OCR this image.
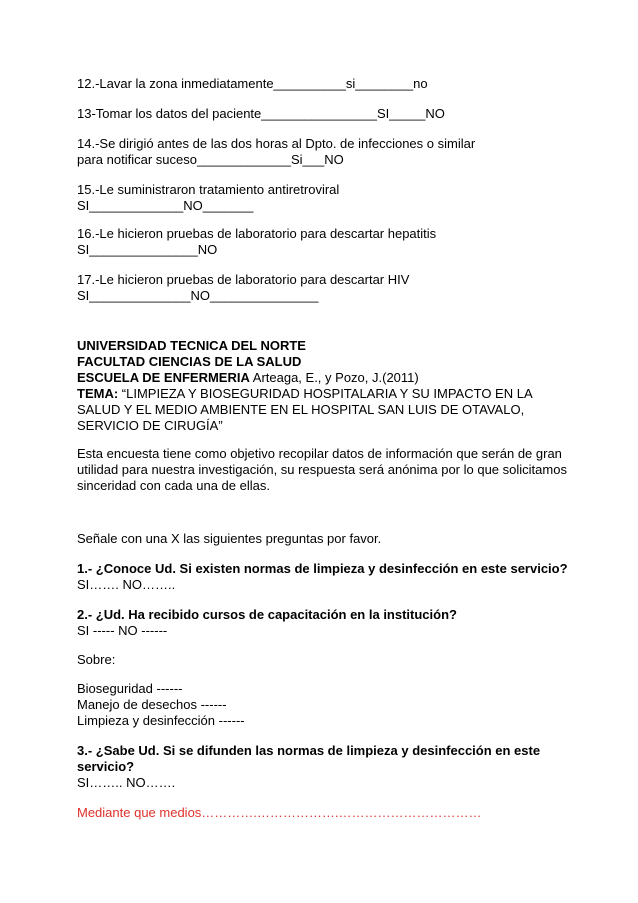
12.-Lavar la zona inmediatamente__________si________no
13-Tomar los datos del paciente________________SI_____NO
14.-Se dirigió antes de las dos horas al Dpto. de infecciones o similar
para notificar suceso_____________Si___NO
15.-Le suministraron tratamiento antiretroviral
SI_____________NO_______
16.-Le hicieron pruebas de laboratorio para descartar hepatitis
SI_______________NO
17.-Le hicieron pruebas de laboratorio para descartar HIV
SI______________NO_______________
UNIVERSIDAD TECNICA DEL NORTE
FACULTAD CIENCIAS DE LA SALUD
ESCUELA DE ENFERMERIA Arteaga, E., y Pozo, J.(2011)
TEMA: “LIMPIEZA Y BIOSEGURIDAD HOSPITALARIA Y SU IMPACTO EN LA
SALUD Y EL MEDIO AMBIENTE EN EL HOSPITAL SAN LUIS DE OTAVALO,
SERVICIO DE CIRUGÍA”
Esta encuesta tiene como objetivo recopilar datos de información que serán de gran
utilidad para nuestra investigación, su respuesta será anónima por lo que solicitamos
sinceridad con cada una de ellas.
Señale con una X las siguientes preguntas por favor.
1.- ¿Conoce Ud. Si existen normas de limpieza y desinfección en este servicio?
SI……. NO……..
2.- ¿Ud. Ha recibido cursos de capacitación en la institución?
SI ----- NO ------
Sobre:
Bioseguridad ------
Manejo de desechos ------
Limpieza y desinfección ------
3.- ¿Sabe Ud. Si se difunden las normas de limpieza y desinfección en este
servicio?
SI…….. NO…….
Mediante que medios………….……………….……………………………
